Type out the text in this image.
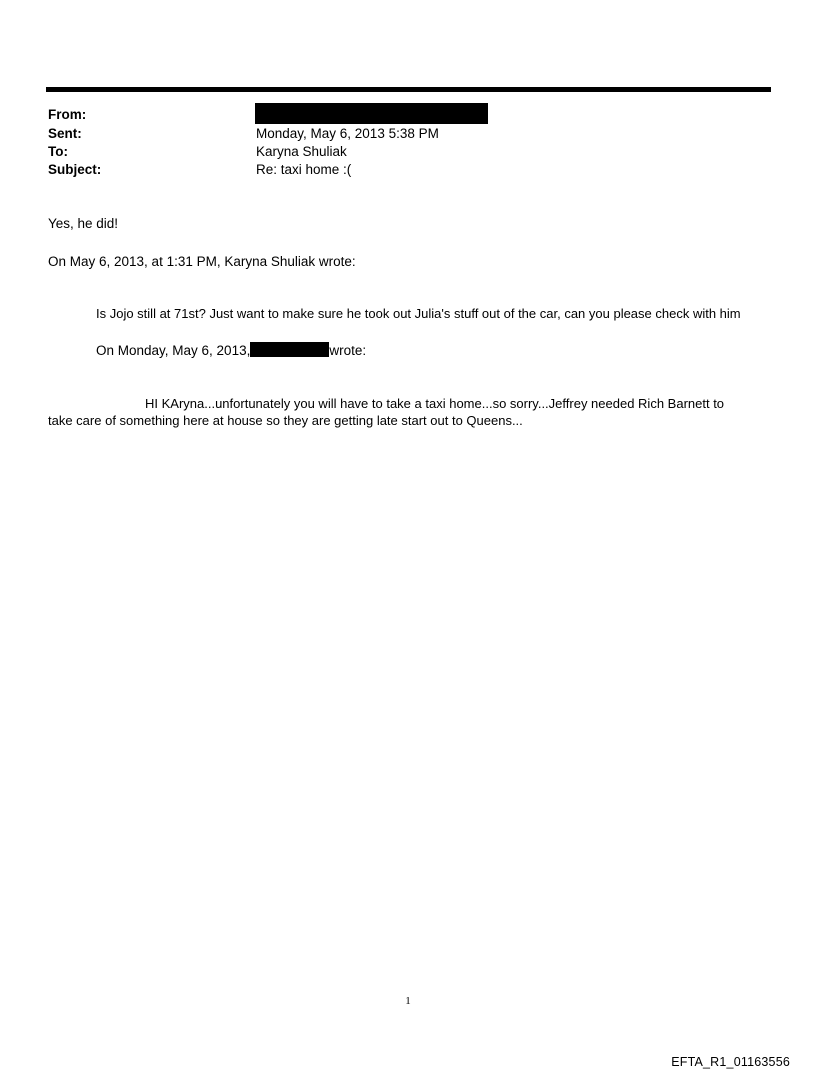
From:
Sent:	Monday, May 6, 2013 5:38 PM
To:	Karyna Shuliak
Subject:	Re: taxi home :(
Yes, he did!
On May 6, 2013, at 1:31 PM, Karyna Shuliak wrote:
Is Jojo still at 71st? Just want to make sure he took out Julia's stuff out of the car, can you please check with him
On Monday, May 6, 2013,	wrote:
HI KAryna...unfortunately you will have to take a taxi home...so sorry...Jeffrey needed Rich Barnett to
take care of something here at house so they are getting late start out to Queens...
1
EFTA_R1_01163556
